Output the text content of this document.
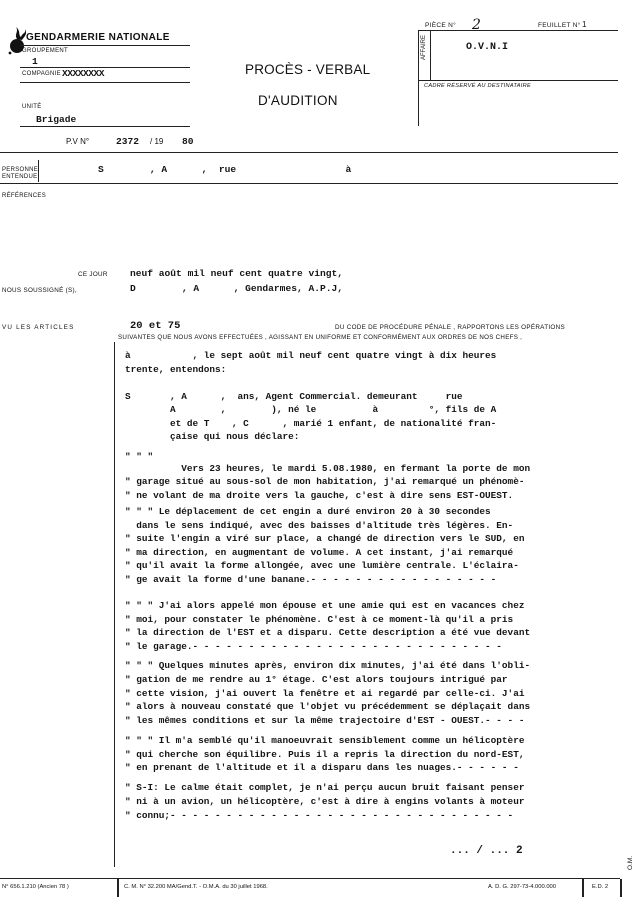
GENDARMERIE NATIONALE
GROUPEMENT
1
COMPAGNIE XXXXXXXX
UNITÉ
Brigade
P.V N°	2372 / 19 80
PROCÈS - VERBAL
D'AUDITION
PIÈCE N° 2	FEUILLET N° 1
AFFAIRE	O.V.N.I
CADRE RÉSERVÉ AU DESTINATAIRE
PERSONNE
ENTENDUE
S        , A      ,  rue                   à
RÉFÉRENCES
CE JOUR neuf août mil neuf cent quatre vingt,
NOUS SOUSSIGNÉ (S),	D        , A      , Gendarmes, A.P.J,
VU LES ARTICLES	20 et 75	DU CODE DE PROCÉDURE PÉNALE , RAPPORTONS LES OPÉRATIONS
SUIVANTES QUE NOUS AVONS EFFECTUÉES , AGISSANT EN UNIFORME ET CONFORMÉMENT AUX ORDRES DE NOS CHEFS ,
à           , le sept août mil neuf cent quatre vingt à dix heures
trente, entendons:
S       , A      ,  ans, Agent Commercial. demeurant     rue
A        ,        ), né le          à         °, fils de A
et de T    , C      , marié 1 enfant, de nationalité fran-
çaise qui nous déclare:
" " "
Vers 23 heures, le mardi 5.08.1980, en fermant la porte de mon
" garage situé au sous-sol de mon habitation, j'ai remarqué un phénomè-
" ne volant de ma droite vers la gauche, c'est à dire sens EST-OUEST.
" " " Le déplacement de cet engin a duré environ 20 à 30 secondes
dans le sens indiqué, avec des baisses d'altitude très légères. En-
" suite l'engin a viré sur place, a changé de direction vers le SUD, en
" ma direction, en augmentant de volume. A cet instant, j'ai remarqué
" qu'il avait la forme allongée, avec une lumière centrale. L'éclaira-
" ge avait la forme d'une banane.- - - - - - - - - - - - - - - - -
" " " J'ai alors appelé mon épouse et une amie qui est en vacances chez
" moi, pour constater le phénomène. C'est à ce moment-là qu'il a pris
" la direction de l'EST et a disparu. Cette description a été vue devant
" le garage.- - - - - - - - - - - - - - - - - - - - - - - - - - - -
" " " Quelques minutes après, environ dix minutes, j'ai été dans l'obli-
" gation de me rendre au 1° étage. C'est alors toujours intrigué par
" cette vision, j'ai ouvert la fenêtre et ai regardé par celle-ci. J'ai
" alors à nouveau constaté que l'objet vu précédemment se déplaçait dans
" les mêmes conditions et sur la même trajectoire d'EST - OUEST.- - - -
" " " Il m'a semblé qu'il manoeuvrait sensiblement comme un hélicoptère
" qui cherche son équilibre. Puis il a repris la direction du nord-EST,
" en prenant de l'altitude et il a disparu dans les nuages.- - - - - -
" S-I: Le calme était complet, je n'ai perçu aucun bruit faisant penser
" ni à un avion, un hélicoptère, c'est à dire à engins volants à moteur
" connu;- - - - - - - - - - - - - - - - - - - - - - - - - - - - - - -
... / ... 2
O.M.
N° 656.1.210 (Ancien 78 )	C. M. N° 32.200 MA/Gend.T. - O.M.A. du 30 juillet 1968.	A. D. G. 297-73-4.000.000	E.D. 2
